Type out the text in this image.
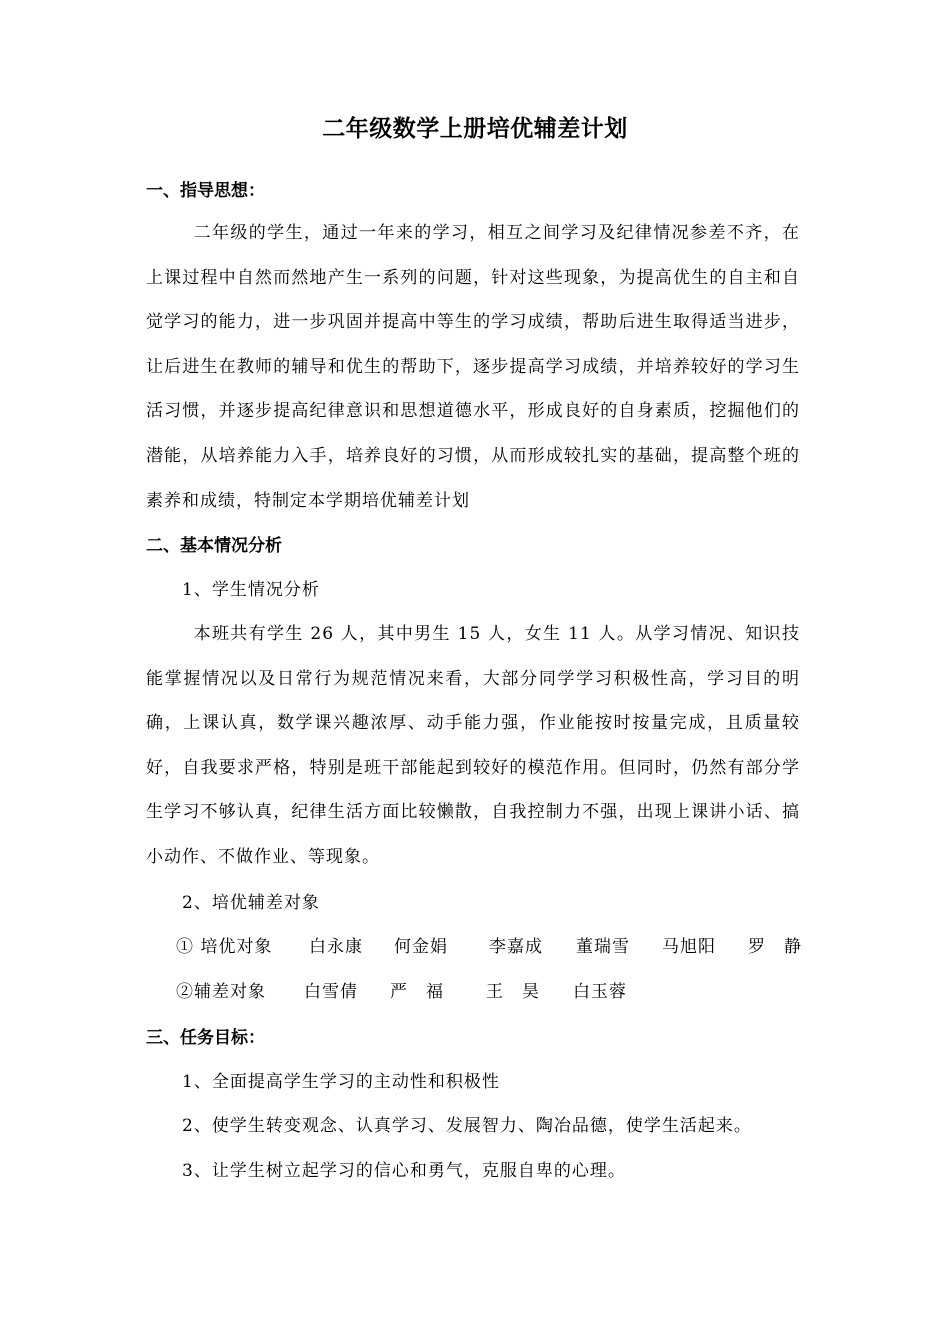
二年级数学上册培优辅差计划
一、指导思想：
二年级的学生，通过一年来的学习，相互之间学习及纪律情况参差不齐，在上课过程中自然而然地产生一系列的问题，针对这些现象，为提高优生的自主和自觉学习的能力，进一步巩固并提高中等生的学习成绩，帮助后进生取得适当进步，让后进生在教师的辅导和优生的帮助下，逐步提高学习成绩，并培养较好的学习生活习惯，并逐步提高纪律意识和思想道德水平，形成良好的自身素质，挖掘他们的潜能，从培养能力入手，培养良好的习惯，从而形成较扎实的基础，提高整个班的素养和成绩，特制定本学期培优辅差计划
二、基本情况分析
1、学生情况分析
本班共有学生 26 人，其中男生 15 人，女生 11 人。从学习情况、知识技能掌握情况以及日常行为规范情况来看，大部分同学学习积极性高，学习目的明确，上课认真，数学课兴趣浓厚、动手能力强，作业能按时按量完成，且质量较好，自我要求严格，特别是班干部能起到较好的模范作用。但同时，仍然有部分学生学习不够认真，纪律生活方面比较懒散，自我控制力不强，出现上课讲小话、搞小动作、不做作业、等现象。
2、培优辅差对象
① 培优对象 白永康 何金娟 李嘉成 董瑞雪 马旭阳 罗　静
②辅差对象 白雪倩 严　福 王　昊 白玉蓉
三、任务目标：
1、全面提高学生学习的主动性和积极性
2、使学生转变观念、认真学习、发展智力、陶冶品德，使学生活起来。
3、让学生树立起学习的信心和勇气，克服自卑的心理。
